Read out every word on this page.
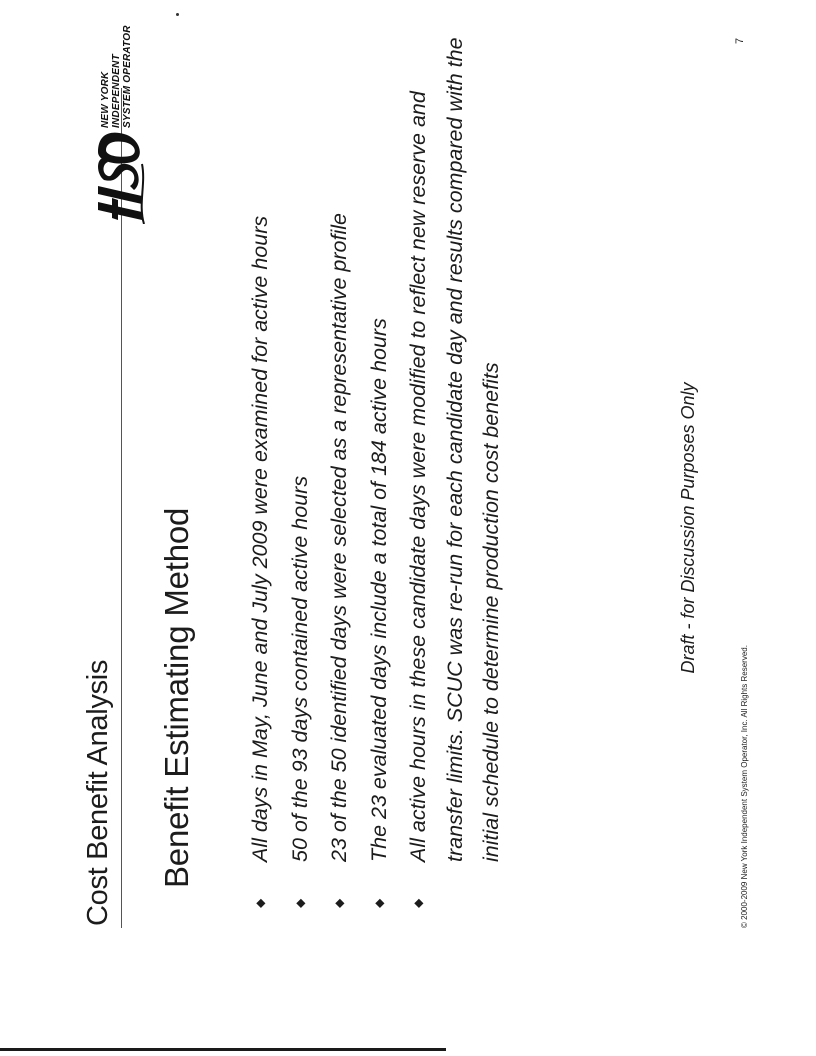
Cost Benefit Analysis
NEW YORK INDEPENDENT SYSTEM OPERATOR
Benefit Estimating Method
◆
All days in May, June and July 2009 were examined for active hours
◆
50 of the 93 days contained active hours
◆
23 of the 50 identified days were selected as a representative profile
◆
The 23 evaluated days include a total of 184 active hours
◆
All active hours in these candidate days were modified to reflect new reserve and transfer limits. SCUC was re-run for each candidate day and results compared with the initial schedule to determine production cost benefits	Draft - for Discussion Purposes Only
© 2000-2009 New York Independent System Operator, Inc. All Rights Reserved.
7
